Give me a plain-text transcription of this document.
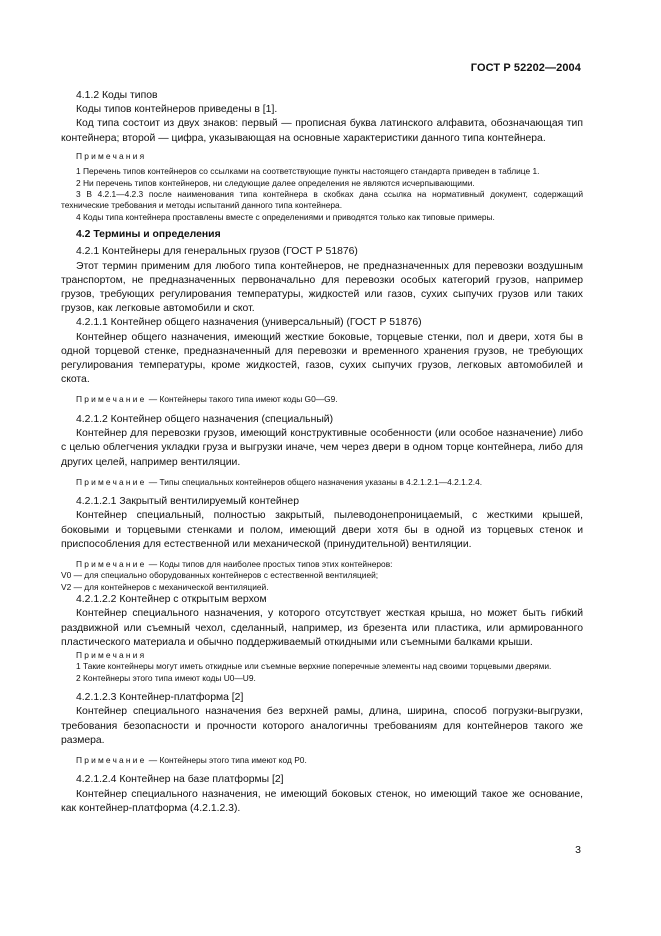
ГОСТ Р 52202—2004

4.1.2 Коды типов

Коды типов контейнеров приведены в [1].

Код типа состоит из двух знаков: первый — прописная буква латинского алфавита, обозначающая тип контейнера; второй — цифра, указывающая на основные характеристики данного типа контейнера.

Примечания

1 Перечень типов контейнеров со ссылками на соответствующие пункты настоящего стандарта приведен в таблице 1.

2 Ни перечень типов контейнеров, ни следующие далее определения не являются исчерпывающими.

3 В 4.2.1—4.2.3 после наименования типа контейнера в скобках дана ссылка на нормативный документ, содержащий технические требования и методы испытаний данного типа контейнера.

4 Коды типа контейнера проставлены вместе с определениями и приводятся только как типовые примеры.

4.2 Термины и определения

4.2.1 Контейнеры для генеральных грузов (ГОСТ Р 51876)

Этот термин применим для любого типа контейнеров, не предназначенных для перевозки воздушным транспортом, не предназначенных первоначально для перевозки особых категорий грузов, например грузов, требующих регулирования температуры, жидкостей или газов, сухих сыпучих грузов или таких грузов, как легковые автомобили и скот.

4.2.1.1 Контейнер общего назначения (универсальный) (ГОСТ Р 51876)

Контейнер общего назначения, имеющий жесткие боковые, торцевые стенки, пол и двери, хотя бы в одной торцевой стенке, предназначенный для перевозки и временного хранения грузов, не требующих регулирования температуры, кроме жидкостей, газов, сухих сыпучих грузов, легковых автомобилей и скота.

Примечание — Контейнеры такого типа имеют коды G0—G9.

4.2.1.2 Контейнер общего назначения (специальный)

Контейнер для перевозки грузов, имеющий конструктивные особенности (или особое назначение) либо с целью облегчения укладки груза и выгрузки иначе, чем через двери в одном торце контейнера, либо для других целей, например вентиляции.

Примечание — Типы специальных контейнеров общего назначения указаны в 4.2.1.2.1—4.2.1.2.4.

4.2.1.2.1 Закрытый вентилируемый контейнер

Контейнер специальный, полностью закрытый, пылеводонепроницаемый, с жесткими крышей, боковыми и торцевыми стенками и полом, имеющий двери хотя бы в одной из торцевых стенок и приспособления для естественной или механической (принудительной) вентиляции.

Примечание — Коды типов для наиболее простых типов этих контейнеров:

V0 — для специально оборудованных контейнеров с естественной вентиляцией;

V2 — для контейнеров с механической вентиляцией.

4.2.1.2.2 Контейнер с открытым верхом

Контейнер специального назначения, у которого отсутствует жесткая крыша, но может быть гибкий раздвижной или съемный чехол, сделанный, например, из брезента или пластика, или армированного пластического материала и обычно поддерживаемый откидными или съемными балками крыши.

Примечания

1 Такие контейнеры могут иметь откидные или съемные верхние поперечные элементы над своими торцевыми дверями.

2 Контейнеры этого типа имеют коды U0—U9.

4.2.1.2.3 Контейнер-платформа [2]

Контейнер специального назначения без верхней рамы, длина, ширина, способ погрузки-выгрузки, требования безопасности и прочности которого аналогичны требованиям для контейнеров такого же размера.

Примечание — Контейнеры этого типа имеют код P0.

4.2.1.2.4 Контейнер на базе платформы [2]

Контейнер специального назначения, не имеющий боковых стенок, но имеющий такое же основание, как контейнер-платформа (4.2.1.2.3).

3
